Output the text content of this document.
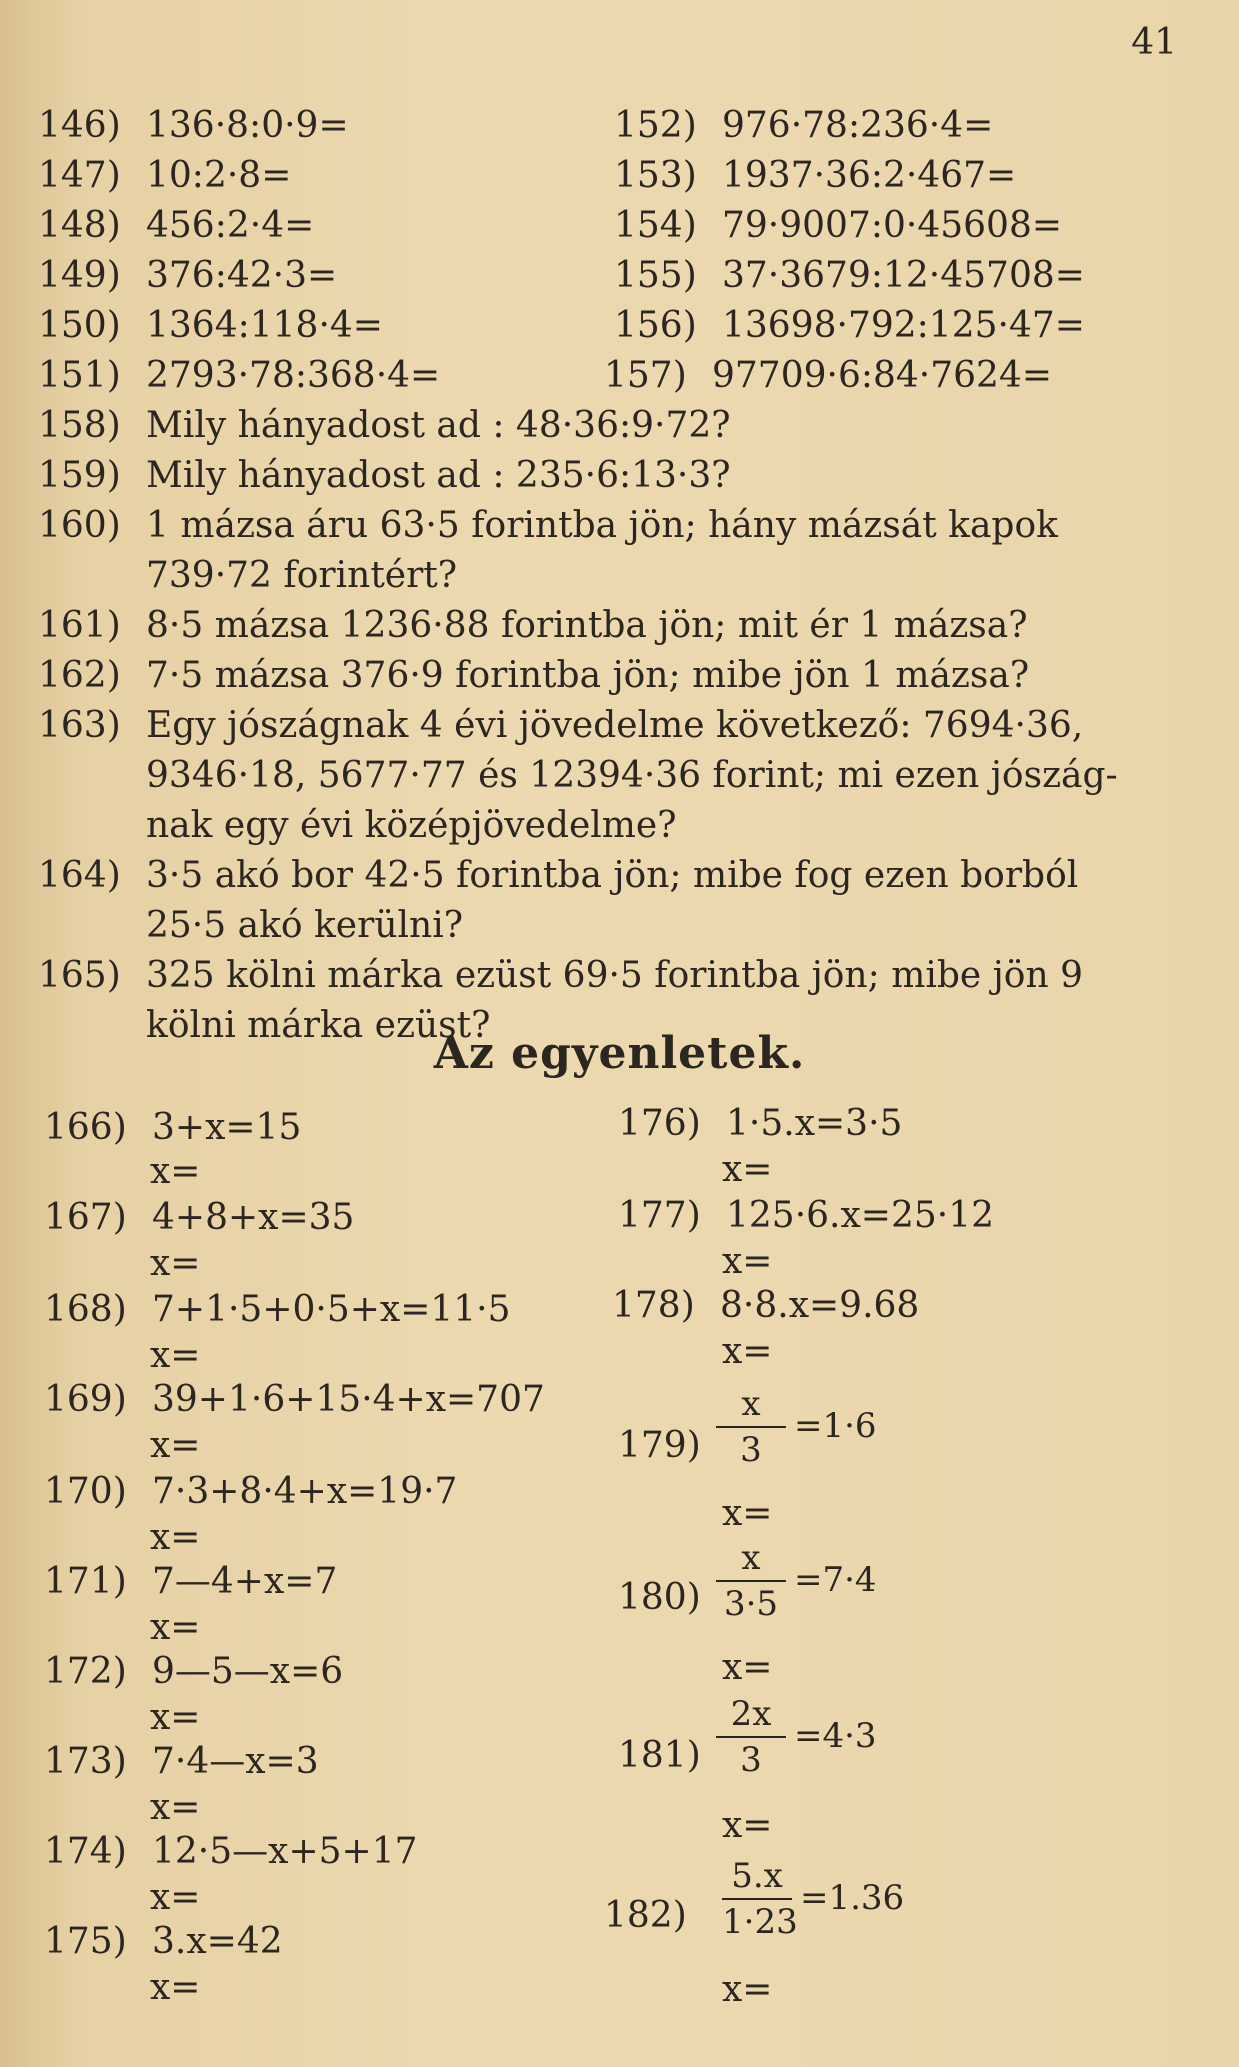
41
146) 136·8:0·9=	152) 976·78:236·4=
147) 10:2·8=	153) 1937·36:2·467=
148) 456:2·4=	154) 79·9007:0·45608=
149) 376:42·3=	155) 37·3679:12·45708=
150) 1364:118·4=	156) 13698·792:125·47=
151) 2793·78:368·4=	157) 97709·6:84·7624=
158) Mily hányadost ad : 48·36:9·72?
159) Mily hányadost ad : 235·6:13·3?
160) 1 mázsa áru 63·5 forintba jön; hány mázsát kapok
739·72 forintért?
161) 8·5 mázsa 1236·88 forintba jön; mit ér 1 mázsa?
162) 7·5 mázsa 376·9 forintba jön; mibe jön 1 mázsa?
163) Egy jószágnak 4 évi jövedelme következő: 7694·36,
9346·18, 5677·77 és 12394·36 forint; mi ezen jószág-
nak egy évi középjövedelme?
164) 3·5 akó bor 42·5 forintba jön; mibe fog ezen borból
25·5 akó kerülni?
165) 325 kölni márka ezüst 69·5 forintba jön; mibe jön 9
kölni márka ezüst?
Az egyenletek.
166) 3+x=15
x=
167) 4+8+x=35
x=
168) 7+1·5+0·5+x=11·5
x=
169) 39+1·6+15·4+x=707
x=
170) 7·3+8·4+x=19·7
x=
171) 7—4+x=7
x=
172) 9—5—x=6
x=
173) 7·4—x=3
x=
174) 12·5—x+5+17
x=
175) 3.x=42
x=
176) 1·5.x=3·5
x=
177) 125·6.x=25·12
x=
178) 8·8.x=9.68
x=
179)
x
3
=1·6
x=
180)
x
3·5
=7·4
x=
181)
2x
3
=4·3
x=
182)
5.x
1·23
=1.36
x=
